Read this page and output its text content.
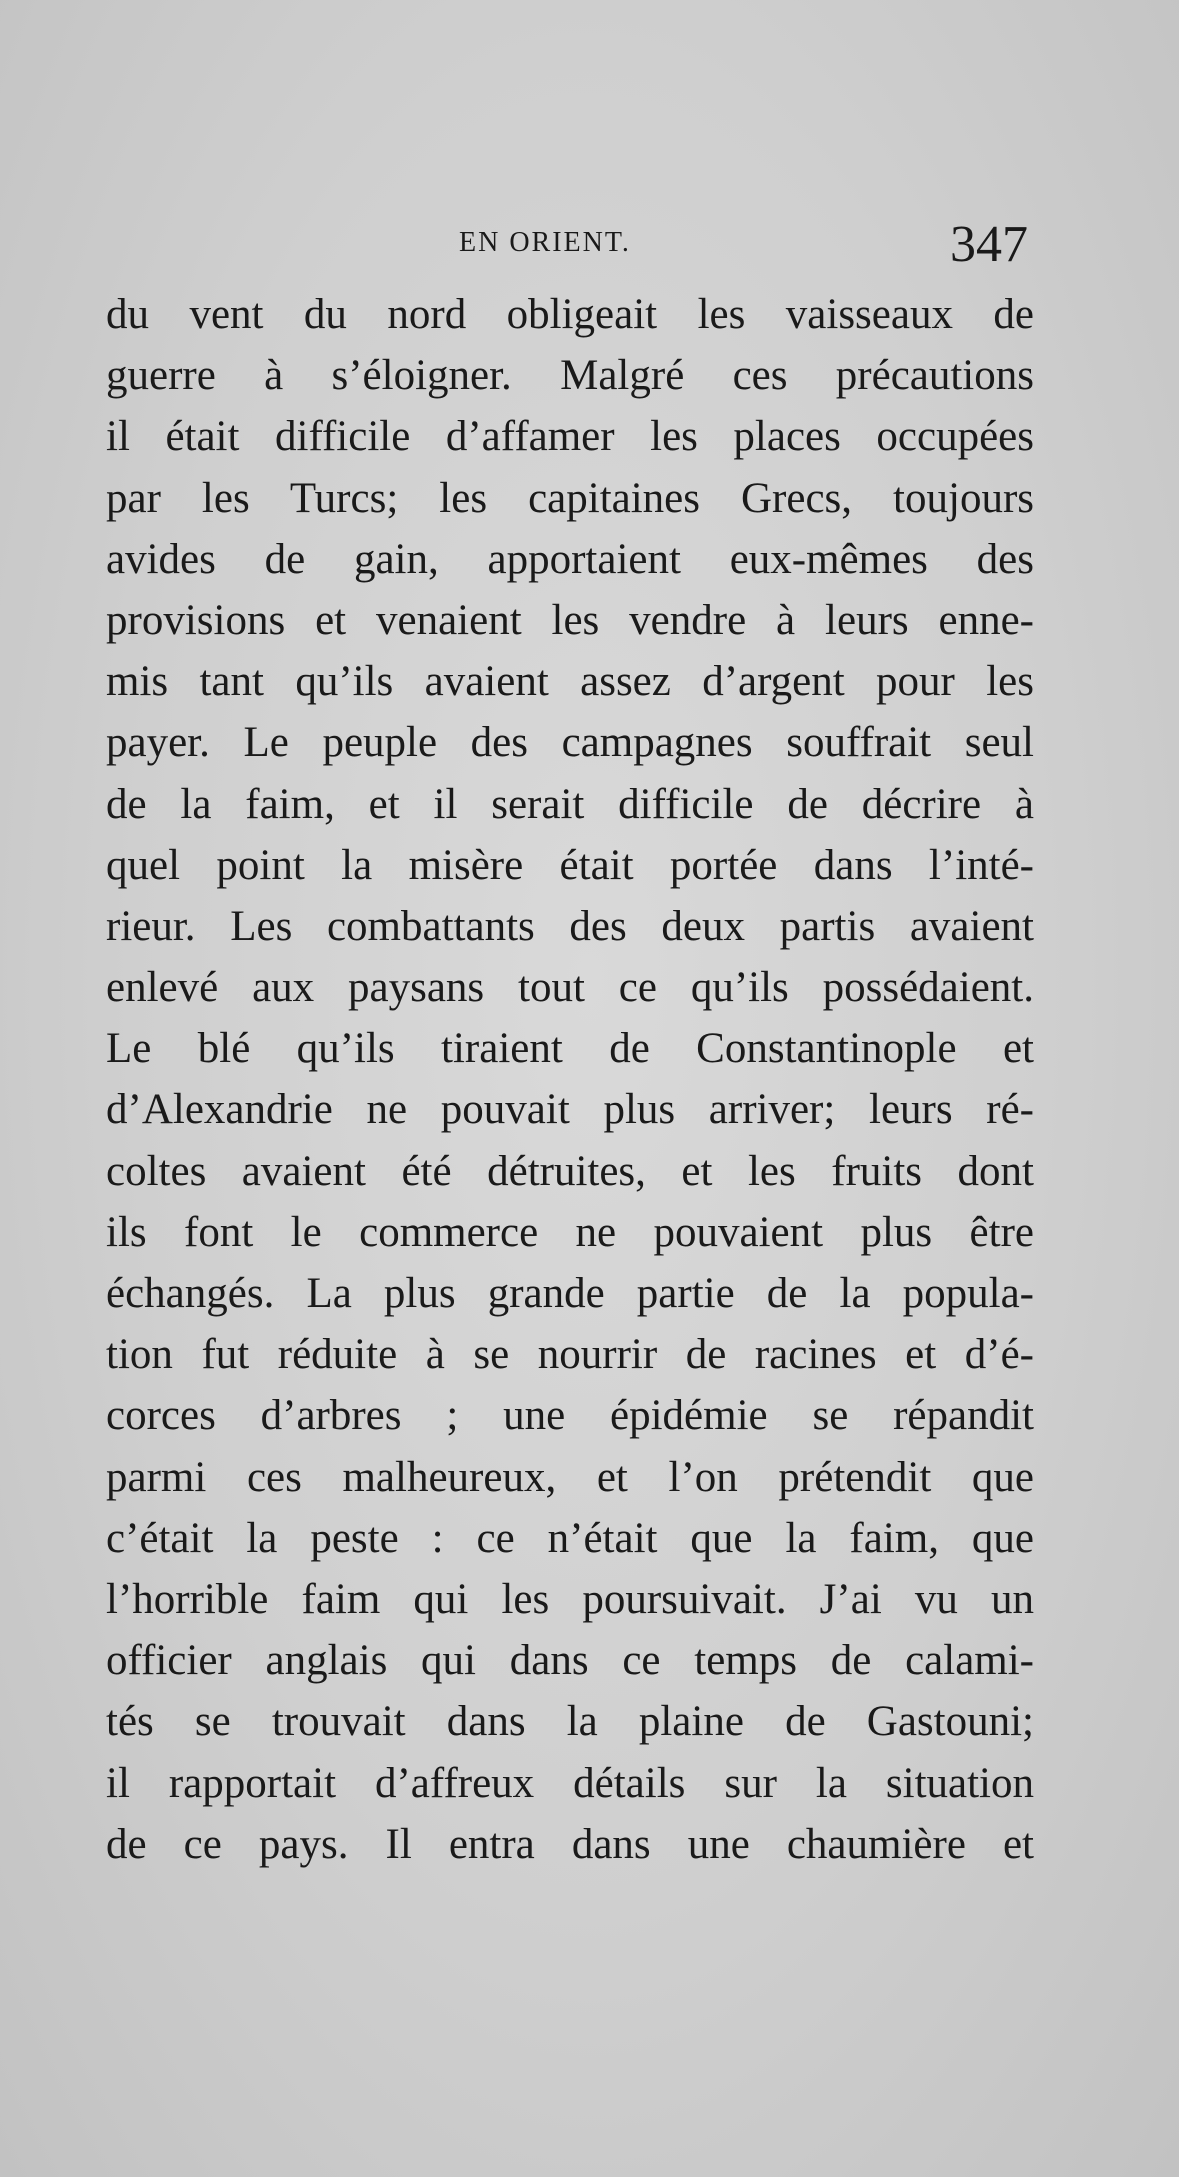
EN ORIENT.	347
du vent du nord obligeait les vaisseaux de
guerre à s’éloigner. Malgré ces précautions
il était difficile d’affamer les places occupées
par les Turcs; les capitaines Grecs, toujours
avides de gain, apportaient eux-mêmes des
provisions et venaient les vendre à leurs enne-
mis tant qu’ils avaient assez d’argent pour les
payer. Le peuple des campagnes souffrait seul
de la faim, et il serait difficile de décrire à
quel point la misère était portée dans l’inté-
rieur. Les combattants des deux partis avaient
enlevé aux paysans tout ce qu’ils possédaient.
Le blé qu’ils tiraient de Constantinople et
d’Alexandrie ne pouvait plus arriver; leurs ré-
coltes avaient été détruites, et les fruits dont
ils font le commerce ne pouvaient plus être
échangés. La plus grande partie de la popula-
tion fut réduite à se nourrir de racines et d’é-
corces d’arbres ; une épidémie se répandit
parmi ces malheureux, et l’on prétendit que
c’était la peste : ce n’était que la faim, que
l’horrible faim qui les poursuivait. J’ai vu un
officier anglais qui dans ce temps de calami-
tés se trouvait dans la plaine de Gastouni;
il rapportait d’affreux détails sur la situation
de ce pays. Il entra dans une chaumière et
